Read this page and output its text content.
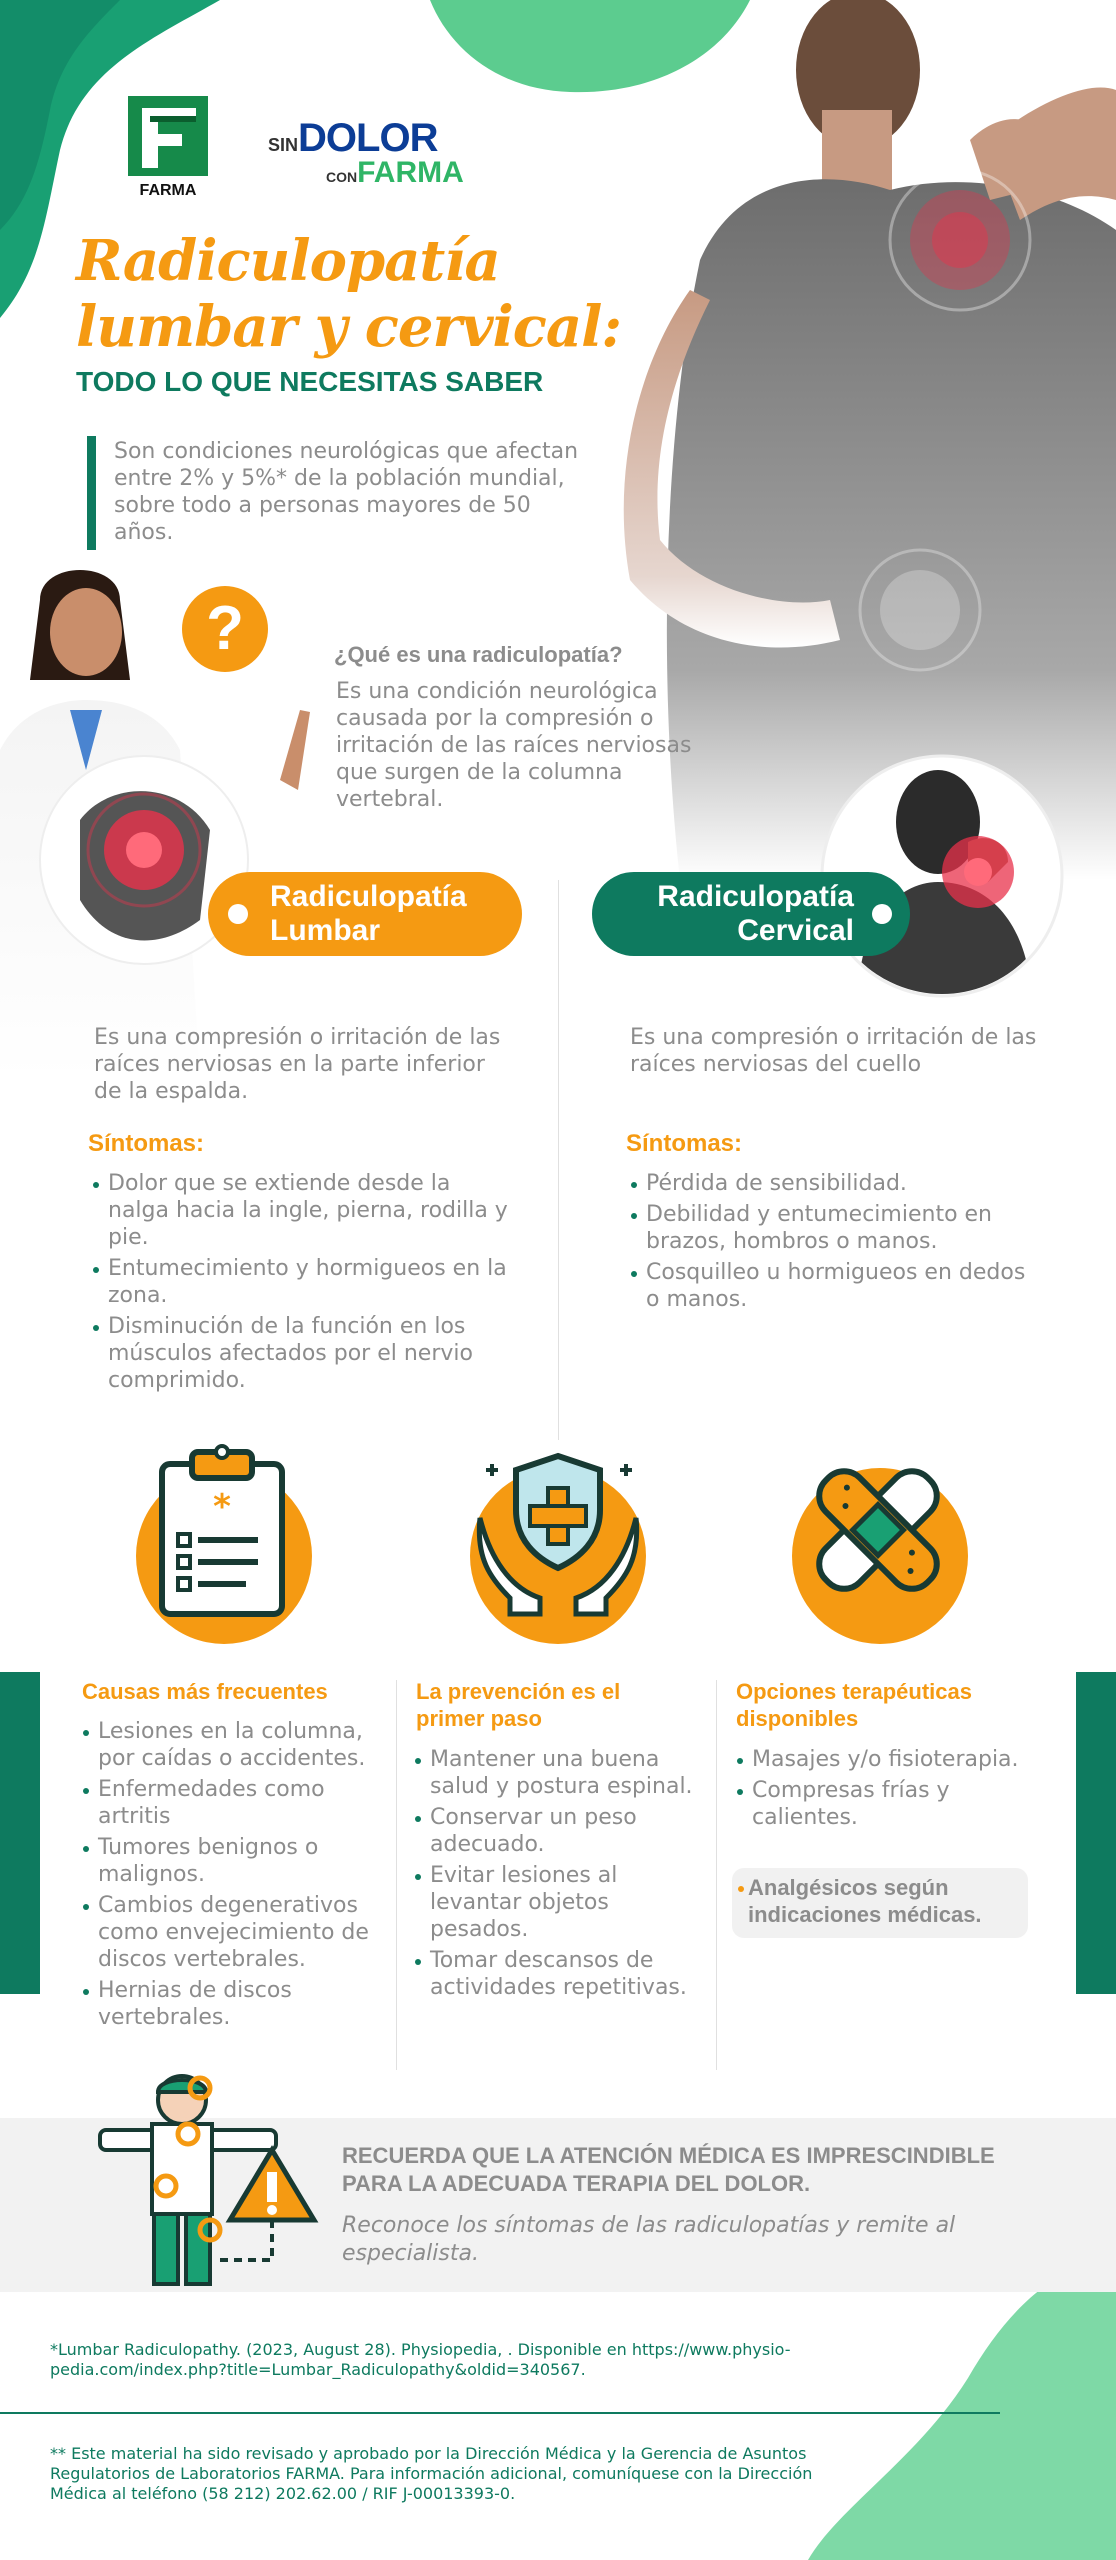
FARMA
SINDOLOR
CONFARMA
Radiculopatía
lumbar y cervical:
TODO LO QUE NECESITAS SABER
Son condiciones neurológicas que afectan entre 2% y 5%* de la población mundial, sobre todo a personas mayores de 50 años.
?	¿Qué es una radiculopatía?
Es una condición neurológica causada por la compresión o irritación de las raíces nerviosas que surgen de la columna vertebral.
Radiculopatía
Lumbar
Radiculopatía
Cervical
Es una compresión o irritación de las raíces nerviosas en la parte inferior de la espalda.
Síntomas:
Dolor que se extiende desde la nalga hacia la ingle, pierna, rodilla y pie.
Entumecimiento y hormigueos en la zona.
Disminución de la función en los músculos afectados por el nervio comprimido.
Es una compresión o irritación de las raíces nerviosas del cuello
Síntomas:
Pérdida de sensibilidad.
Debilidad y entumecimiento en brazos, hombros o manos.
Cosquilleo u hormigueos en dedos o manos.
*
Causas más frecuentes
Lesiones en la columna, por caídas o accidentes.
Enfermedades como artritis
Tumores benignos o malignos.
Cambios degenerativos como envejecimiento de discos vertebrales.
Hernias de discos vertebrales.
La prevención es el primer paso
Mantener una buena salud y postura espinal.
Conservar un peso adecuado.
Evitar lesiones al levantar objetos pesados.
Tomar descansos de actividades repetitivas.
Opciones terapéuticas disponibles
Masajes y/o fisioterapia.
Compresas frías y calientes.
Analgésicos según indicaciones médicas.
RECUERDA QUE LA ATENCIÓN MÉDICA ES IMPRESCINDIBLE PARA LA ADECUADA TERAPIA DEL DOLOR.
Reconoce los síntomas de las radiculopatías y remite al especialista.
*Lumbar Radiculopathy. (2023, August 28). Physiopedia, . Disponible en https://www.physio-pedia.com/index.php?title=Lumbar_Radiculopathy&oldid=340567.
** Este material ha sido revisado y aprobado por la Dirección Médica y la Gerencia de Asuntos Regulatorios de Laboratorios FARMA. Para información adicional, comuníquese con la Dirección Médica al teléfono (58 212) 202.62.00 / RIF J-00013393-0.
